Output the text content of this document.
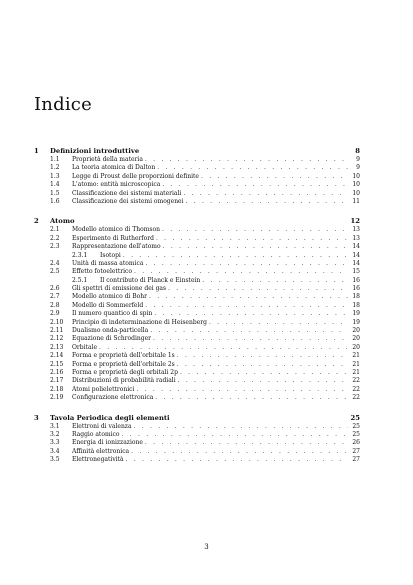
Indice
1	Definizioni introduttive	8
1.1	Proprietà della materia . . .	9
1.2	La teoria atomica di Dalton . . .	9
1.3	Legge di Proust delle proporzioni definite . . .	10
1.4	L'atomo: entità microscopica . . .	10
1.5	Classificazione dei sistemi materiali . . .	10
1.6	Classificazione dei sistemi omogenei . . .	11
2	Atomo	12
2.1	Modello atomico di Thomson . . .	13
2.2	Esperimento di Rutherford . . .	13
2.3	Rappresentazione dell'atomo . . .	14
2.3.1	Isotopi . . .	14
2.4	Unità di massa atomica . . .	14
2.5	Effetto fotoelettrico . . .	15
2.5.1	Il contributo di Planck e Einstein . . .	16
2.6	Gli spettri di emissione dei gas . . .	16
2.7	Modello atomico di Bohr . . .	18
2.8	Modello di Sommerfeld . . .	18
2.9	Il numero quantico di spin . . .	19
2.10	Principio di indeterminazione di Heisenberg . . .	19
2.11	Dualismo onda-particella . . .	20
2.12	Equazione di Schrodinger . . .	20
2.13	Orbitale . . .	20
2.14	Forma e proprietà dell'orbitale 1s . . .	21
2.15	Forma e proprietà dell'orbitale 2s . . .	21
2.16	Forma e proprietà degli orbitali 2p . . .	21
2.17	Distribuzioni di probabilità radiali . . .	22
2.18	Atomi polielettronici . . .	22
2.19	Configurazione elettronica . . .	22
3	Tavola Periodica degli elementi	25
3.1	Elettroni di valenza . . .	25
3.2	Raggio atomico . . .	25
3.3	Energia di ionizzazione . . .	26
3.4	Affinità elettronica . . .	27
3.5	Elettronegatività . . .	27
3
